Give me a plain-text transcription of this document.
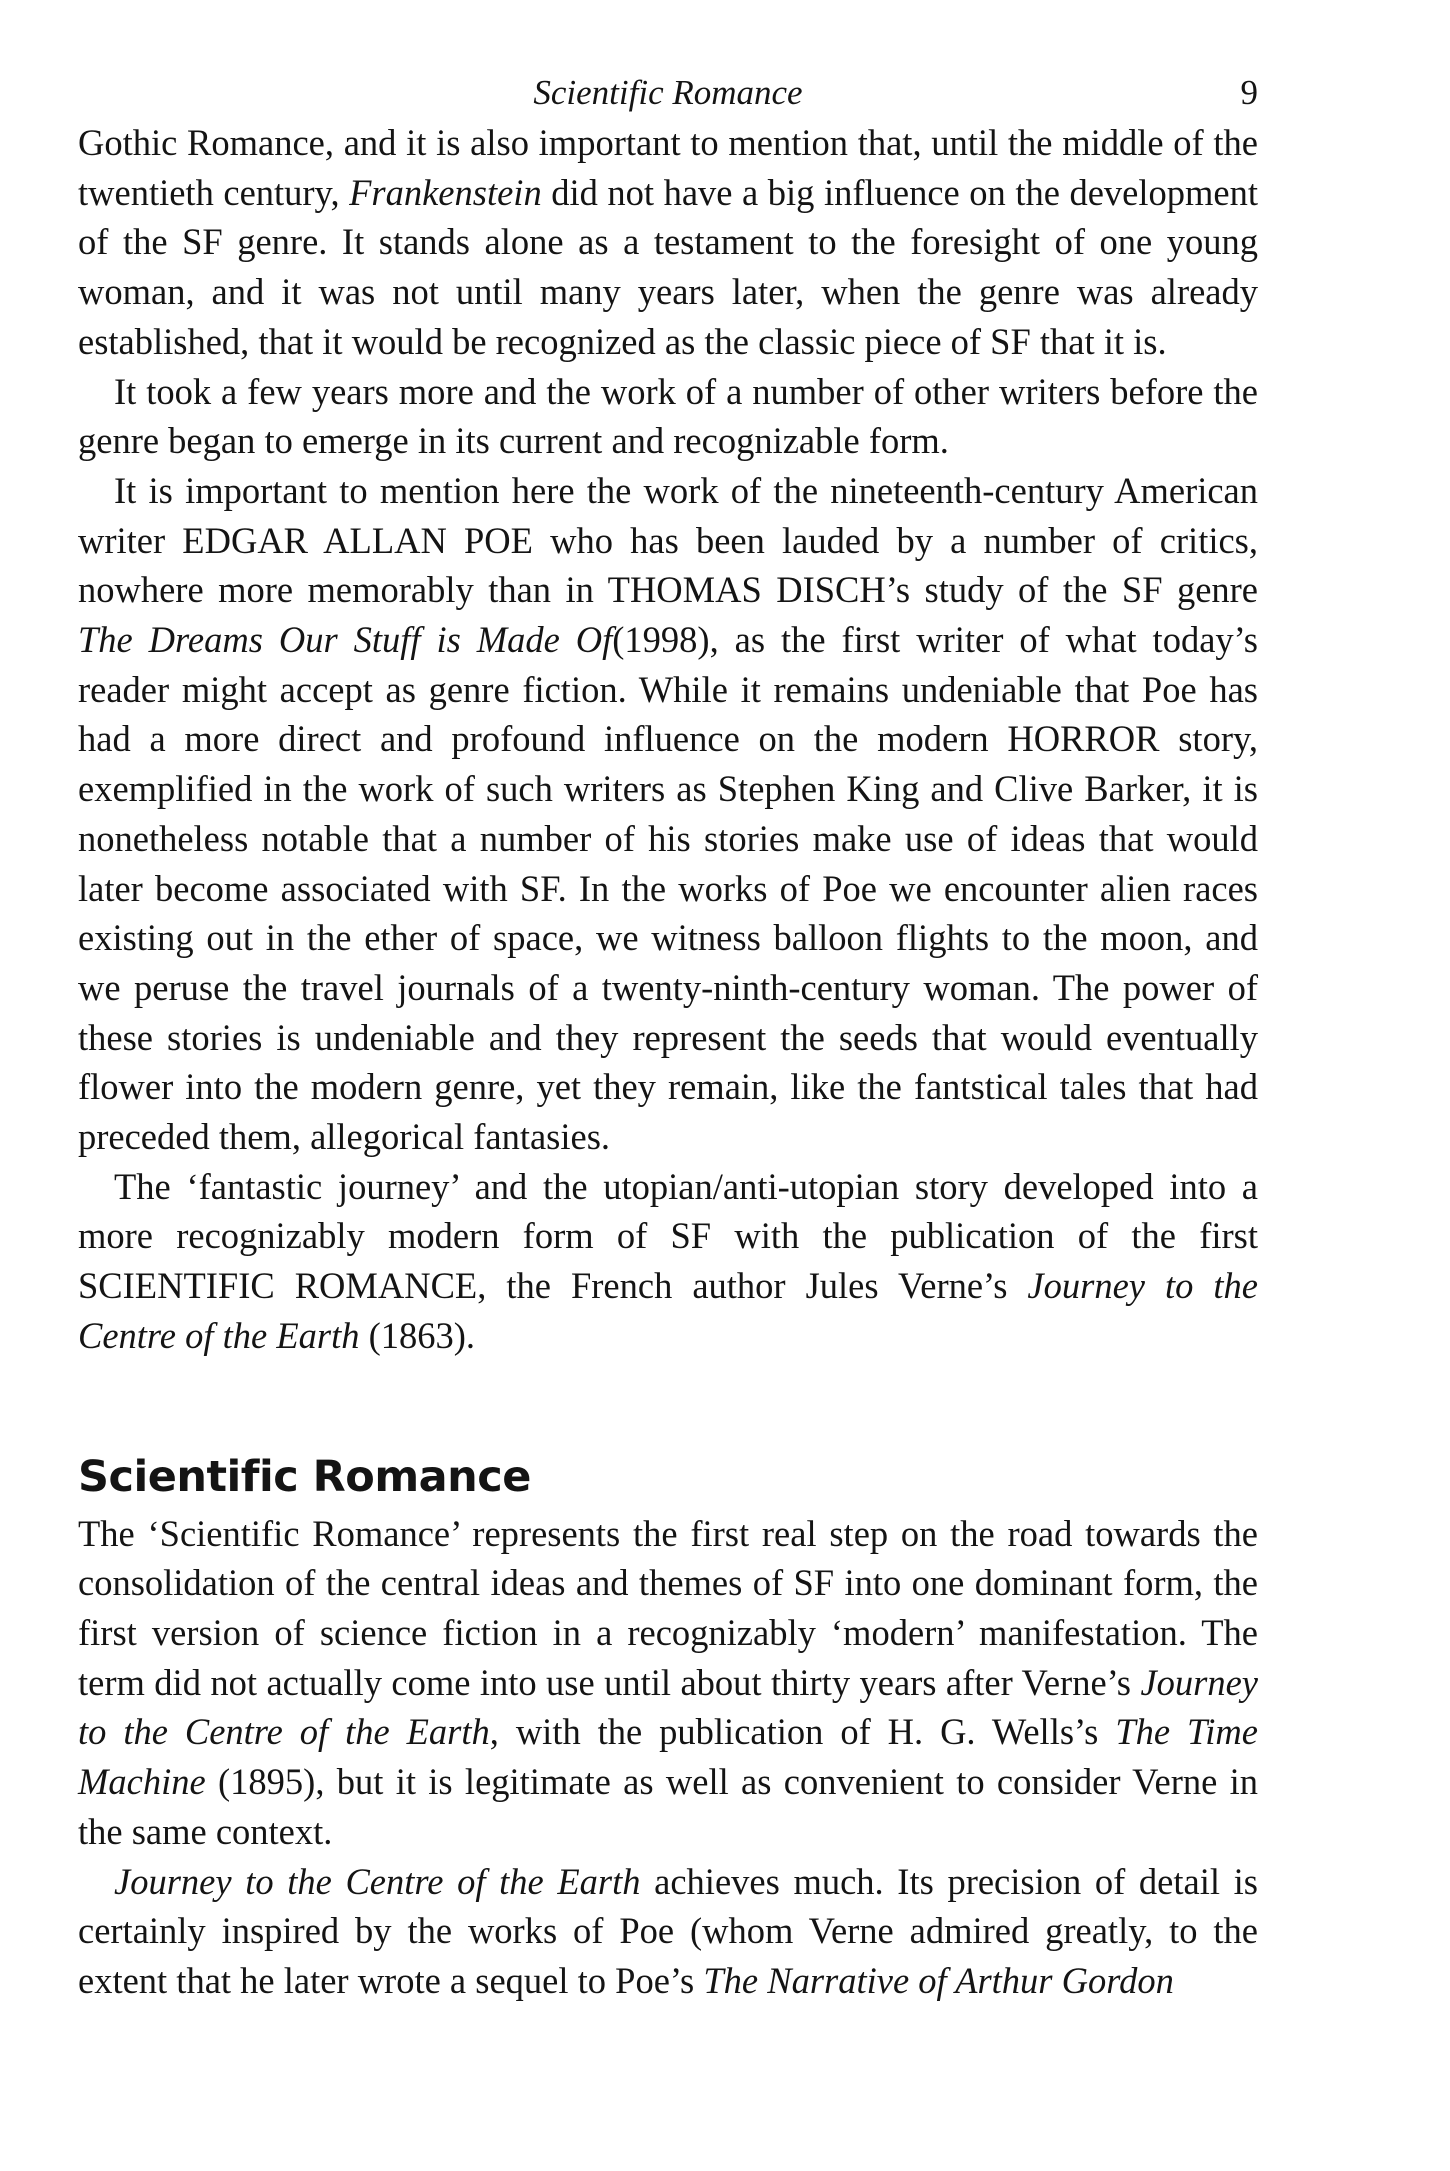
Scientific Romance	9

Gothic Romance, and it is also important to mention that, until the middle of the twentieth century, Frankenstein did not have a big influence on the development of the SF genre. It stands alone as a testament to the foresight of one young woman, and it was not until many years later, when the genre was already established, that it would be recognized as the classic piece of SF that it is.

It took a few years more and the work of a number of other writers before the genre began to emerge in its current and recognizable form.

It is important to mention here the work of the nineteenth-century American writer EDGAR ALLAN POE who has been lauded by a number of critics, nowhere more memorably than in THOMAS DISCH’s study of the SF genre The Dreams Our Stuff is Made Of(1998), as the first writer of what today’s reader might accept as genre fiction. While it remains undeniable that Poe has had a more direct and profound influence on the modern HORROR story, exemplified in the work of such writers as Stephen King and Clive Barker, it is nonetheless notable that a number of his stories make use of ideas that would later become associated with SF. In the works of Poe we encounter alien races existing out in the ether of space, we witness balloon flights to the moon, and we peruse the travel journals of a twenty-ninth-century woman. The power of these stories is undeniable and they represent the seeds that would eventually flower into the modern genre, yet they remain, like the fantstical tales that had preceded them, allegorical fantasies.

The ‘fantastic journey’ and the utopian/anti-utopian story developed into a more recognizably modern form of SF with the publication of the first SCIENTIFIC ROMANCE, the French author Jules Verne’s Journey to the Centre of the Earth (1863).

Scientific Romance

The ‘Scientific Romance’ represents the first real step on the road towards the consolidation of the central ideas and themes of SF into one dominant form, the first version of science fiction in a recognizably ‘modern’ manifestation. The term did not actually come into use until about thirty years after Verne’s Journey to the Centre of the Earth, with the publication of H. G. Wells’s The Time Machine (1895), but it is legitimate as well as convenient to consider Verne in the same context.

Journey to the Centre of the Earth achieves much. Its precision of detail is certainly inspired by the works of Poe (whom Verne admired greatly, to the extent that he later wrote a sequel to Poe’s The Narrative of Arthur Gordon
